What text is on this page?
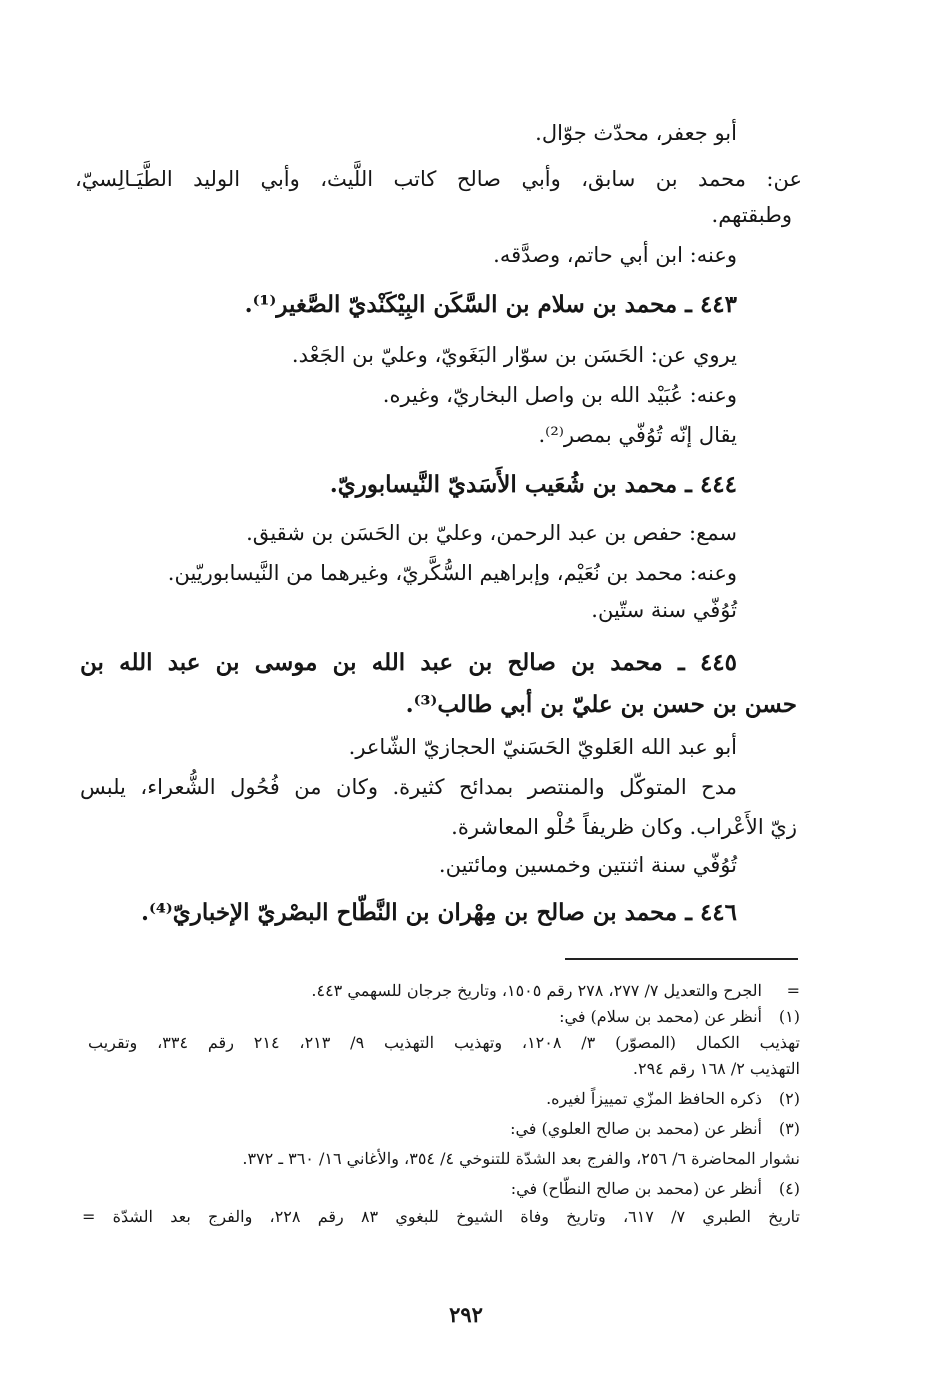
أبو جعفر، محدّث جوّال.
عن: محمد بن سابق، وأبي صالح كاتب اللَّيث، وأبي الوليد الطَّيَـالِسيّ،
وطبقتهم.
وعنه: ابن أبي حاتم، وصدَّقه.
٤٤٣ ـ محمد بن سلام بن السَّكَن البِيْكَنْديّ الصَّغير⁽¹⁾.
يروي عن: الحَسَن بن سوّار البَغَويّ، وعليّ بن الجَعْد.
وعنه: عُبَيْد الله بن واصل البخاريّ، وغيره.
يقال إنّه تُوُفّي بمصر⁽²⁾.
٤٤٤ ـ محمد بن شُعَيب الأَسَديّ النَّيسابوريّ.
سمع: حفص بن عبد الرحمن، وعليّ بن الحَسَن بن شقيق.
وعنه: محمد بن نُعَيْم، وإبراهيم السُّكَّريّ، وغيرهما من النَّيسابوريّين.
تُوُفّي سنة ستّين.
٤٤٥ ـ محمد بن صالح بن عبد الله بن موسى بن عبد الله بن
حسن بن حسن بن عليّ بن أبي طالب⁽³⁾.
أبو عبد الله العَلويّ الحَسَنيّ الحجازيّ الشّاعر.
مدح المتوكّل والمنتصر بمدائح كثيرة. وكان من فُحُول الشُّعراء، يلبس
زيّ الأَعْراب. وكان ظريفاً حُلْو المعاشرة.
تُوُفّي سنة اثنتين وخمسين ومائتين.
٤٤٦ ـ محمد بن صالح بن مِهْران بن النَّطّاح البصْريّ الإخباريّ⁽⁴⁾.
=الجرح والتعديل ٧/ ٢٧٧، ٢٧٨ رقم ١٥٠٥، وتاريخ جرجان للسهمي ٤٤٣.
(١)أنظر عن (محمد بن سلام) في:
تهذيب الكمال (المصوّر) ٣/ ١٢٠٨، وتهذيب التهذيب ٩/ ٢١٣، ٢١٤ رقم ٣٣٤، وتقريب
التهذيب ٢/ ١٦٨ رقم ٢٩٤.
(٢)ذكره الحافظ المزّي تمييزاً لغيره.
(٣)أنظر عن (محمد بن صالح العلوي) في:
نشوار المحاضرة ٦/ ٢٥٦، والفرج بعد الشدّة للتنوخي ٤/ ٣٥٤، والأغاني ١٦/ ٣٦٠ ـ ٣٧٢.
(٤)أنظر عن (محمد بن صالح النطّاح) في:
تاريخ الطبري ٧/ ٦١٧، وتاريخ وفاة الشيوخ للبغوي ٨٣ رقم ٢٢٨، والفرج بعد الشدّة =
٢٩٢
